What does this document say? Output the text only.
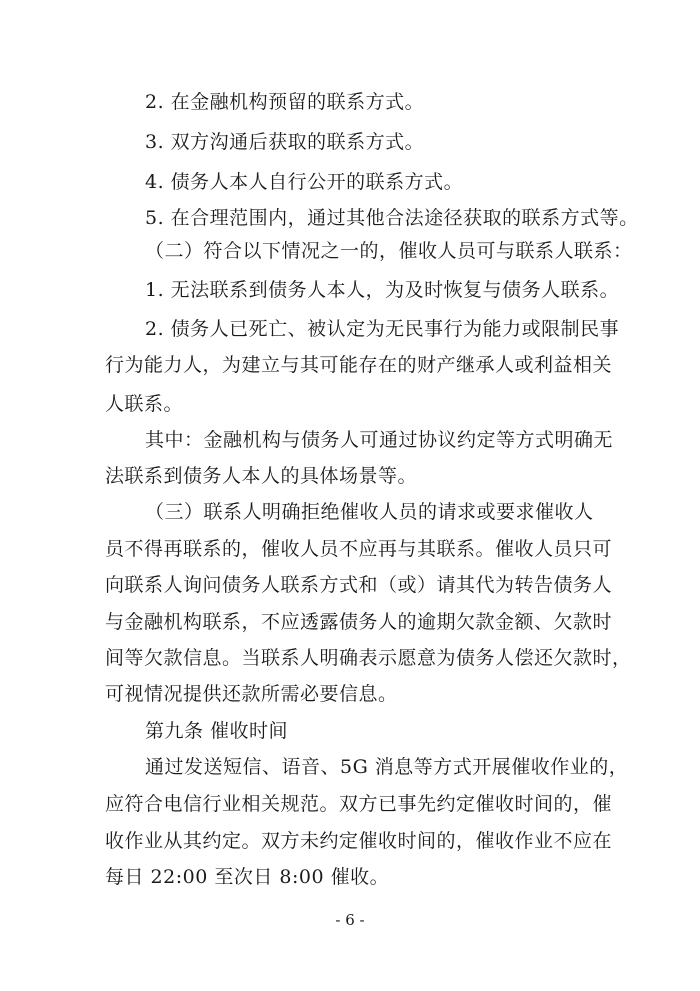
2. 在金融机构预留的联系方式。
3. 双方沟通后获取的联系方式。
4. 债务人本人自行公开的联系方式。
5. 在合理范围内，通过其他合法途径获取的联系方式等。
（二）符合以下情况之一的，催收人员可与联系人联系：
1. 无法联系到债务人本人，为及时恢复与债务人联系。
2. 债务人已死亡、被认定为无民事行为能力或限制民事
行为能力人，为建立与其可能存在的财产继承人或利益相关
人联系。
其中：金融机构与债务人可通过协议约定等方式明确无
法联系到债务人本人的具体场景等。
（三）联系人明确拒绝催收人员的请求或要求催收人
员不得再联系的，催收人员不应再与其联系。催收人员只可
向联系人询问债务人联系方式和（或）请其代为转告债务人
与金融机构联系，不应透露债务人的逾期欠款金额、欠款时
间等欠款信息。当联系人明确表示愿意为债务人偿还欠款时，
可视情况提供还款所需必要信息。
第九条 催收时间
通过发送短信、语音、5G 消息等方式开展催收作业的，
应符合电信行业相关规范。双方已事先约定催收时间的，催
收作业从其约定。双方未约定催收时间的，催收作业不应在
每日 22:00 至次日 8:00 催收。
- 6 -
